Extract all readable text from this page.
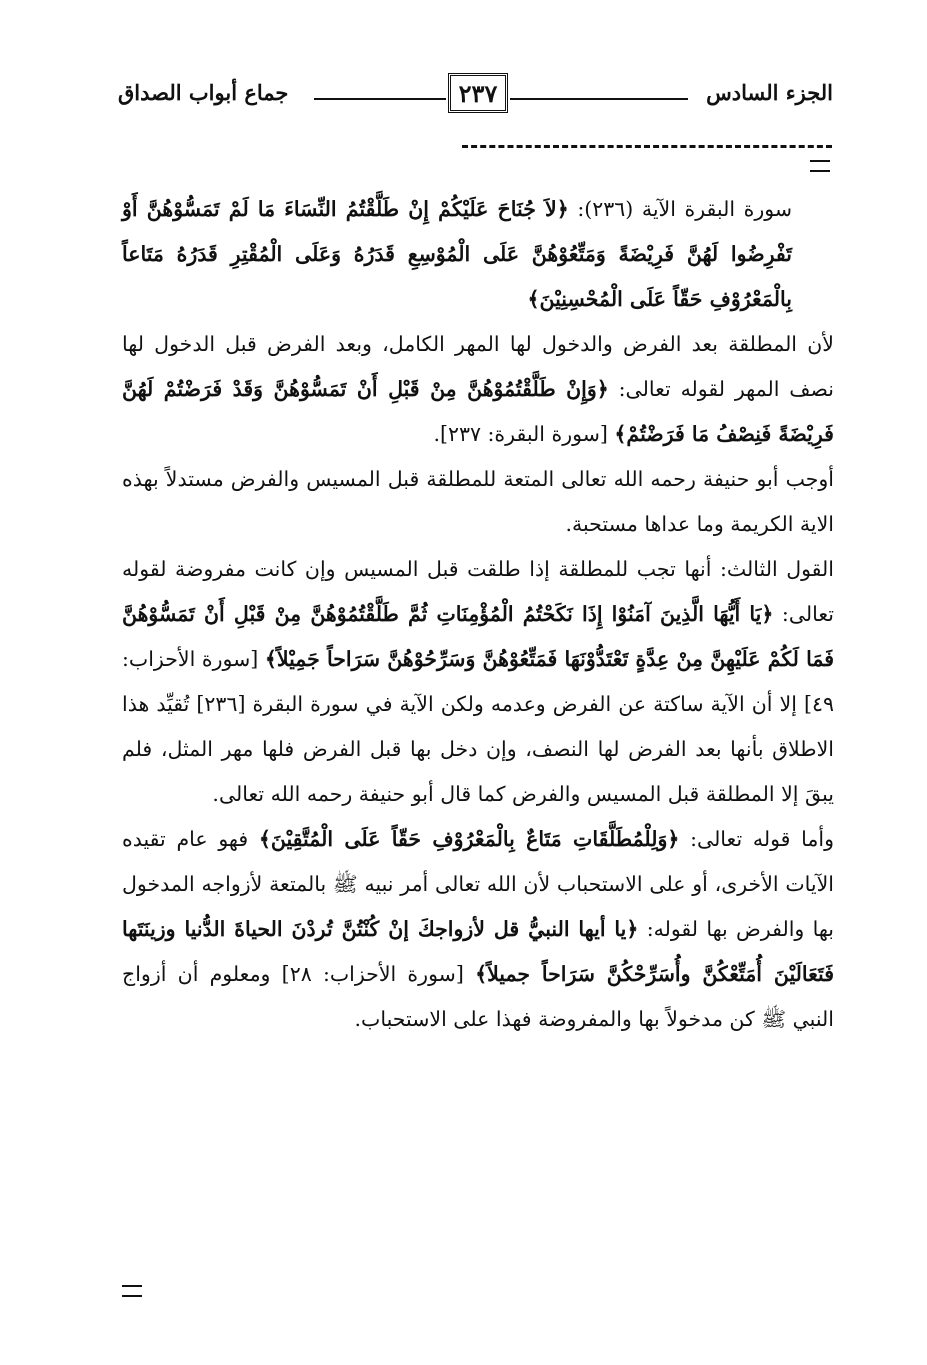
الجزء السادس
٢٣٧
جماع أبواب الصداق

سورة البقرة الآية (٢٣٦): ﴿لاَ جُنَاحَ عَلَيْكُمْ إِنْ طَلَّقْتُمُ النِّسَاءَ مَا لَمْ تَمَسُّوْهُنَّ أَوْ تَفْرِضُوا لَهُنَّ فَرِيْضَةً وَمَتِّعُوْهُنَّ عَلَى الْمُوْسِعِ قَدَرُهُ وَعَلَى الْمُقْتِرِ قَدَرُهُ مَتَاعاً بِالْمَعْرُوْفِ حَقّاً عَلَى الْمُحْسِنِيْنَ﴾

لأن المطلقة بعد الفرض والدخول لها المهر الكامل، وبعد الفرض قبل الدخول لها نصف المهر لقوله تعالى: ﴿وَإِنْ طَلَّقْتُمُوْهُنَّ مِنْ قَبْلِ أَنْ تَمَسُّوْهُنَّ وَقَدْ فَرَضْتُمْ لَهُنَّ فَرِيْضَةً فَنِصْفُ مَا فَرَضْتُمْ﴾ [سورة البقرة: ٢٣٧].

أوجب أبو حنيفة رحمه الله تعالى المتعة للمطلقة قبل المسيس والفرض مستدلاً بهذه الاية الكريمة وما عداها مستحبة.

القول الثالث: أنها تجب للمطلقة إذا طلقت قبل المسيس وإن كانت مفروضة لقوله تعالى: ﴿يَا أَيُّهَا الَّذِينَ آمَنُوْا إِذَا نَكَحْتُمُ الْمُؤْمِنَاتِ ثُمَّ طَلَّقْتُمُوْهُنَّ مِنْ قَبْلِ أَنْ تَمَسُّوْهُنَّ فَمَا لَكُمْ عَلَيْهِنَّ مِنْ عِدَّةٍ تَعْتَدُّوْنَهَا فَمَتِّعُوْهُنَّ وَسَرِّحُوْهُنَّ سَرَاحاً جَمِيْلاً﴾ [سورة الأحزاب: ٤٩] إلا أن الآية ساكتة عن الفرض وعدمه ولكن الآية في سورة البقرة [٢٣٦] تُقيِّد هذا الاطلاق بأنها بعد الفرض لها النصف، وإن دخل بها قبل الفرض فلها مهر المثل، فلم يبقَ إلا المطلقة قبل المسيس والفرض كما قال أبو حنيفة رحمه الله تعالى.

وأما قوله تعالى: ﴿وَلِلْمُطَلَّقَاتِ مَتَاعٌ بِالْمَعْرُوْفِ حَقّاً عَلَى الْمُتَّقِيْنَ﴾ فهو عام تقيده الآيات الأخرى، أو على الاستحباب لأن الله تعالى أمر نبيه ﷺ بالمتعة لأزواجه المدخول بها والفرض بها لقوله: ﴿يا أيها النبيُّ قل لأزواجكَ إنْ كُنْتُنَّ تُردْنَ الحياةَ الدُّنيا وزينَتَها فَتَعَالَيْنَ أُمَتِّعْكُنَّ وأُسَرِّحْكُنَّ سَرَاحاً جميلاً﴾ [سورة الأحزاب: ٢٨] ومعلوم أن أزواج النبي ﷺ كن مدخولاً بها والمفروضة فهذا على الاستحباب.
